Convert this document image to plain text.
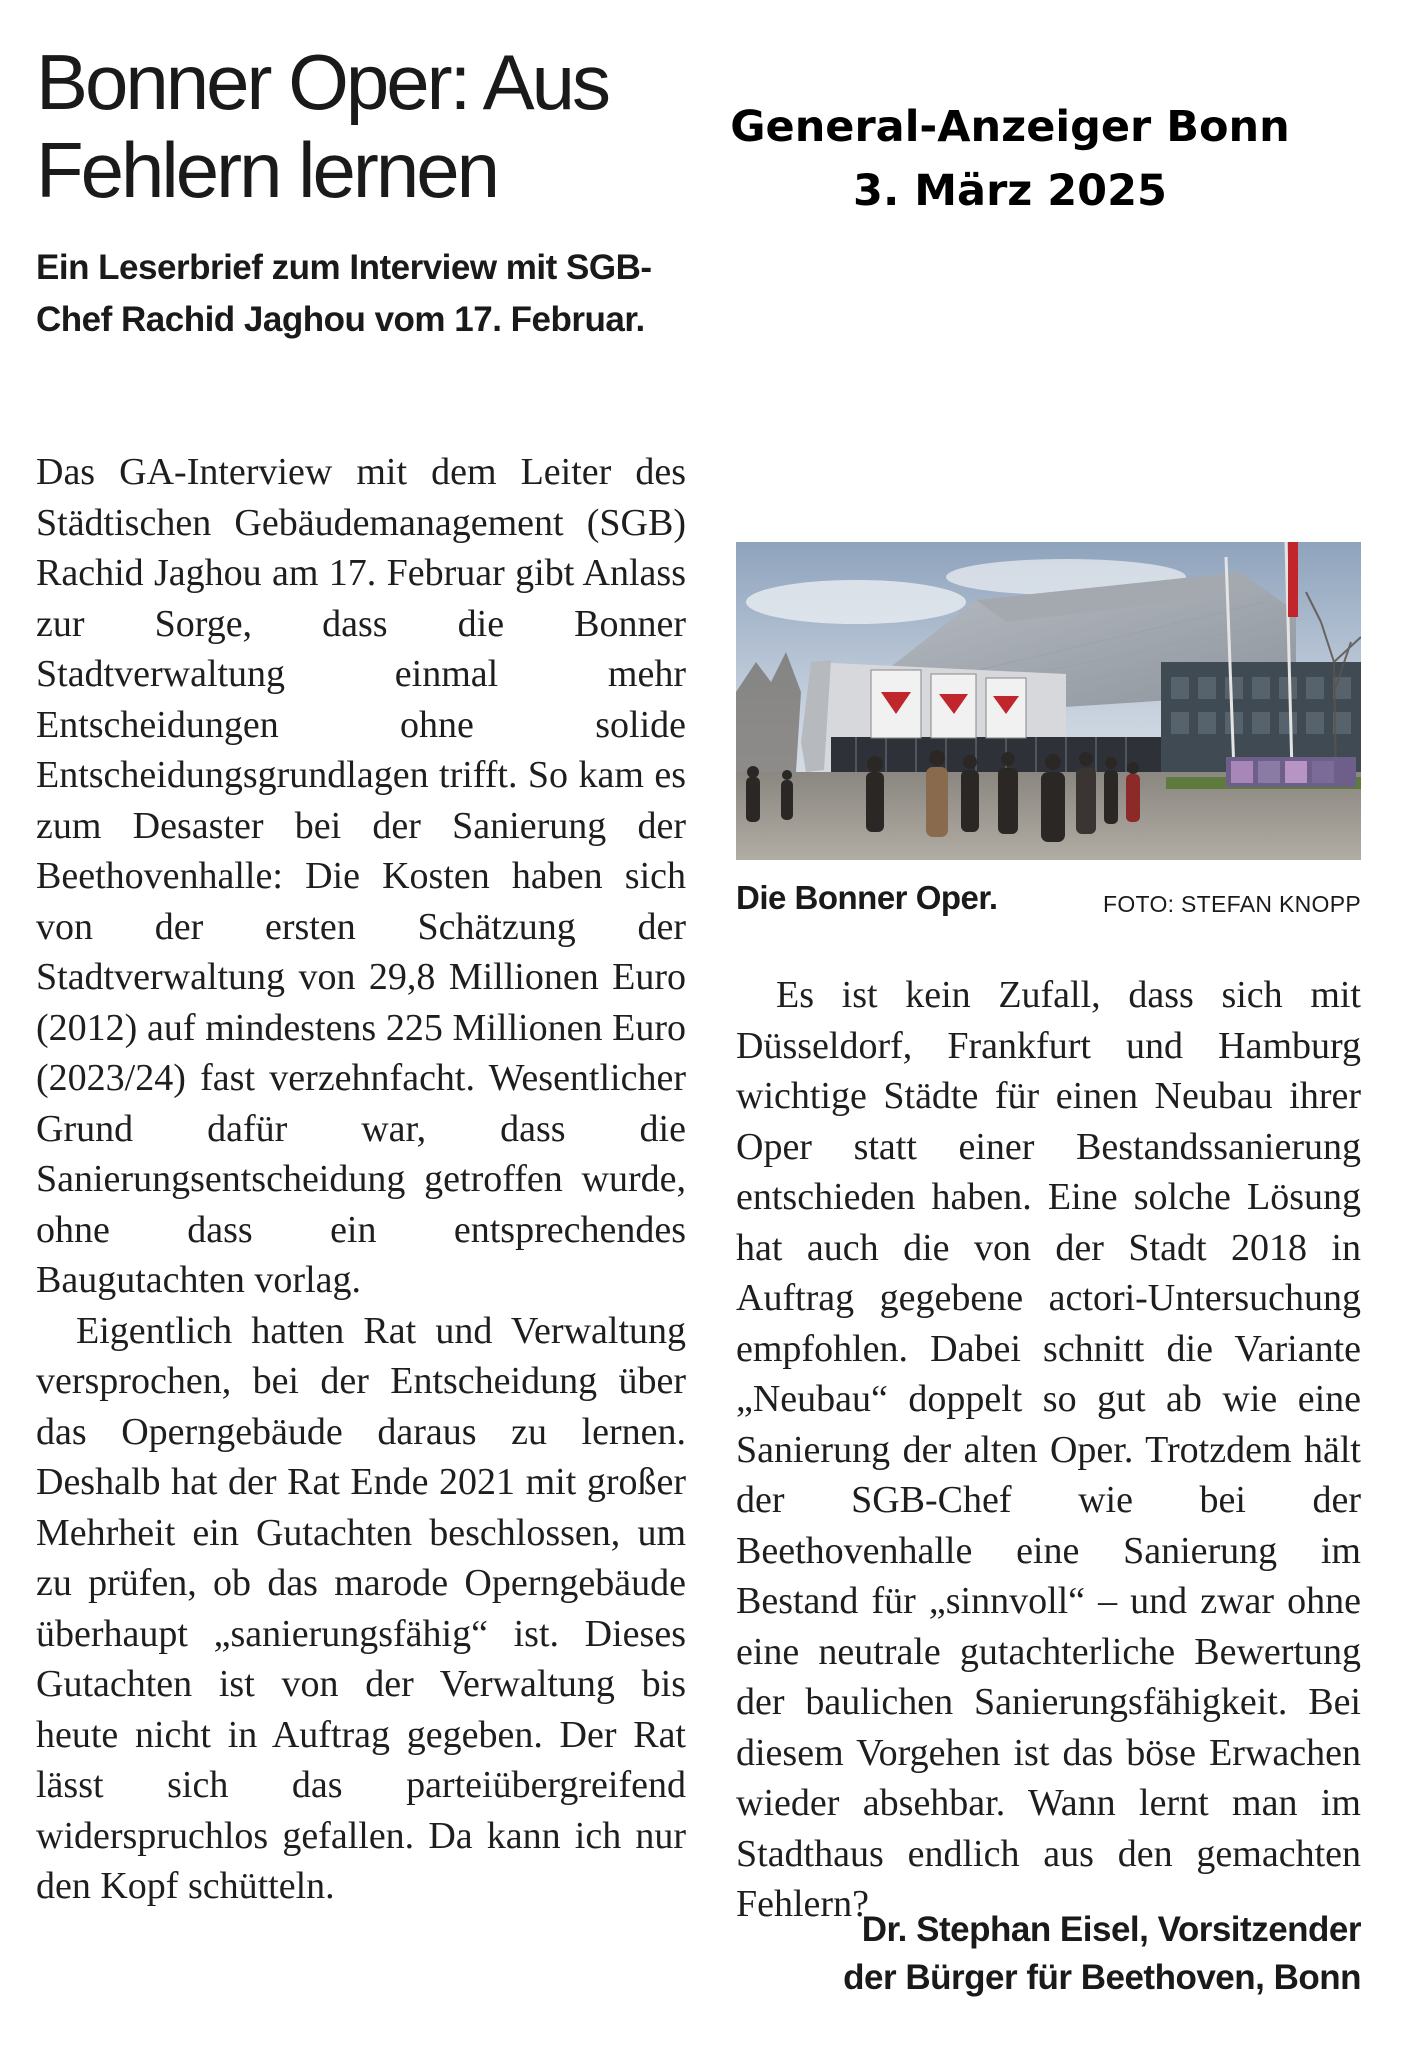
Bonner Oper: Aus
Fehlern lernen	General-Anzeiger Bonn
3. März 2025
Ein Leserbrief zum Interview mit SGB-Chef Rachid Jaghou vom 17. Februar.

Das GA-Interview mit dem Leiter des Städtischen Gebäudemanagement (SGB) Rachid Jaghou am 17. Februar gibt Anlass zur Sorge, dass die Bonner Stadtverwaltung einmal mehr Entscheidungen ohne solide Entscheidungsgrundlagen trifft. So kam es zum Desaster bei der Sanierung der Beethovenhalle: Die Kosten haben sich von der ersten Schätzung der Stadtverwaltung von 29,8 Millionen Euro (2012) auf mindestens 225 Millionen Euro (2023/24) fast verzehnfacht. Wesentlicher Grund dafür war, dass die Sanierungsentscheidung getroffen wurde, ohne dass ein entsprechendes Baugutachten vorlag.

Eigentlich hatten Rat und Verwaltung versprochen, bei der Entscheidung über das Operngebäude daraus zu lernen. Deshalb hat der Rat Ende 2021 mit großer Mehrheit ein Gutachten beschlossen, um zu prüfen, ob das marode Operngebäude überhaupt „sanierungsfähig“ ist. Dieses Gutachten ist von der Verwaltung bis heute nicht in Auftrag gegeben. Der Rat lässt sich das parteiübergreifend widerspruchlos gefallen. Da kann ich nur den Kopf schütteln.

Die Bonner Oper.	FOTO: STEFAN KNOPP

Es ist kein Zufall, dass sich mit Düsseldorf, Frankfurt und Hamburg wichtige Städte für einen Neubau ihrer Oper statt einer Bestandssanierung entschieden haben. Eine solche Lösung hat auch die von der Stadt 2018 in Auftrag gegebene actori-Untersuchung empfohlen. Dabei schnitt die Variante „Neubau“ doppelt so gut ab wie eine Sanierung der alten Oper. Trotzdem hält der SGB-Chef wie bei der Beethovenhalle eine Sanierung im Bestand für „sinnvoll“ – und zwar ohne eine neutrale gutachterliche Bewertung der baulichen Sanierungsfähigkeit. Bei diesem Vorgehen ist das böse Erwachen wieder absehbar. Wann lernt man im Stadthaus endlich aus den gemachten Fehlern?

Dr. Stephan Eisel, Vorsitzender
der Bürger für Beethoven, Bonn
